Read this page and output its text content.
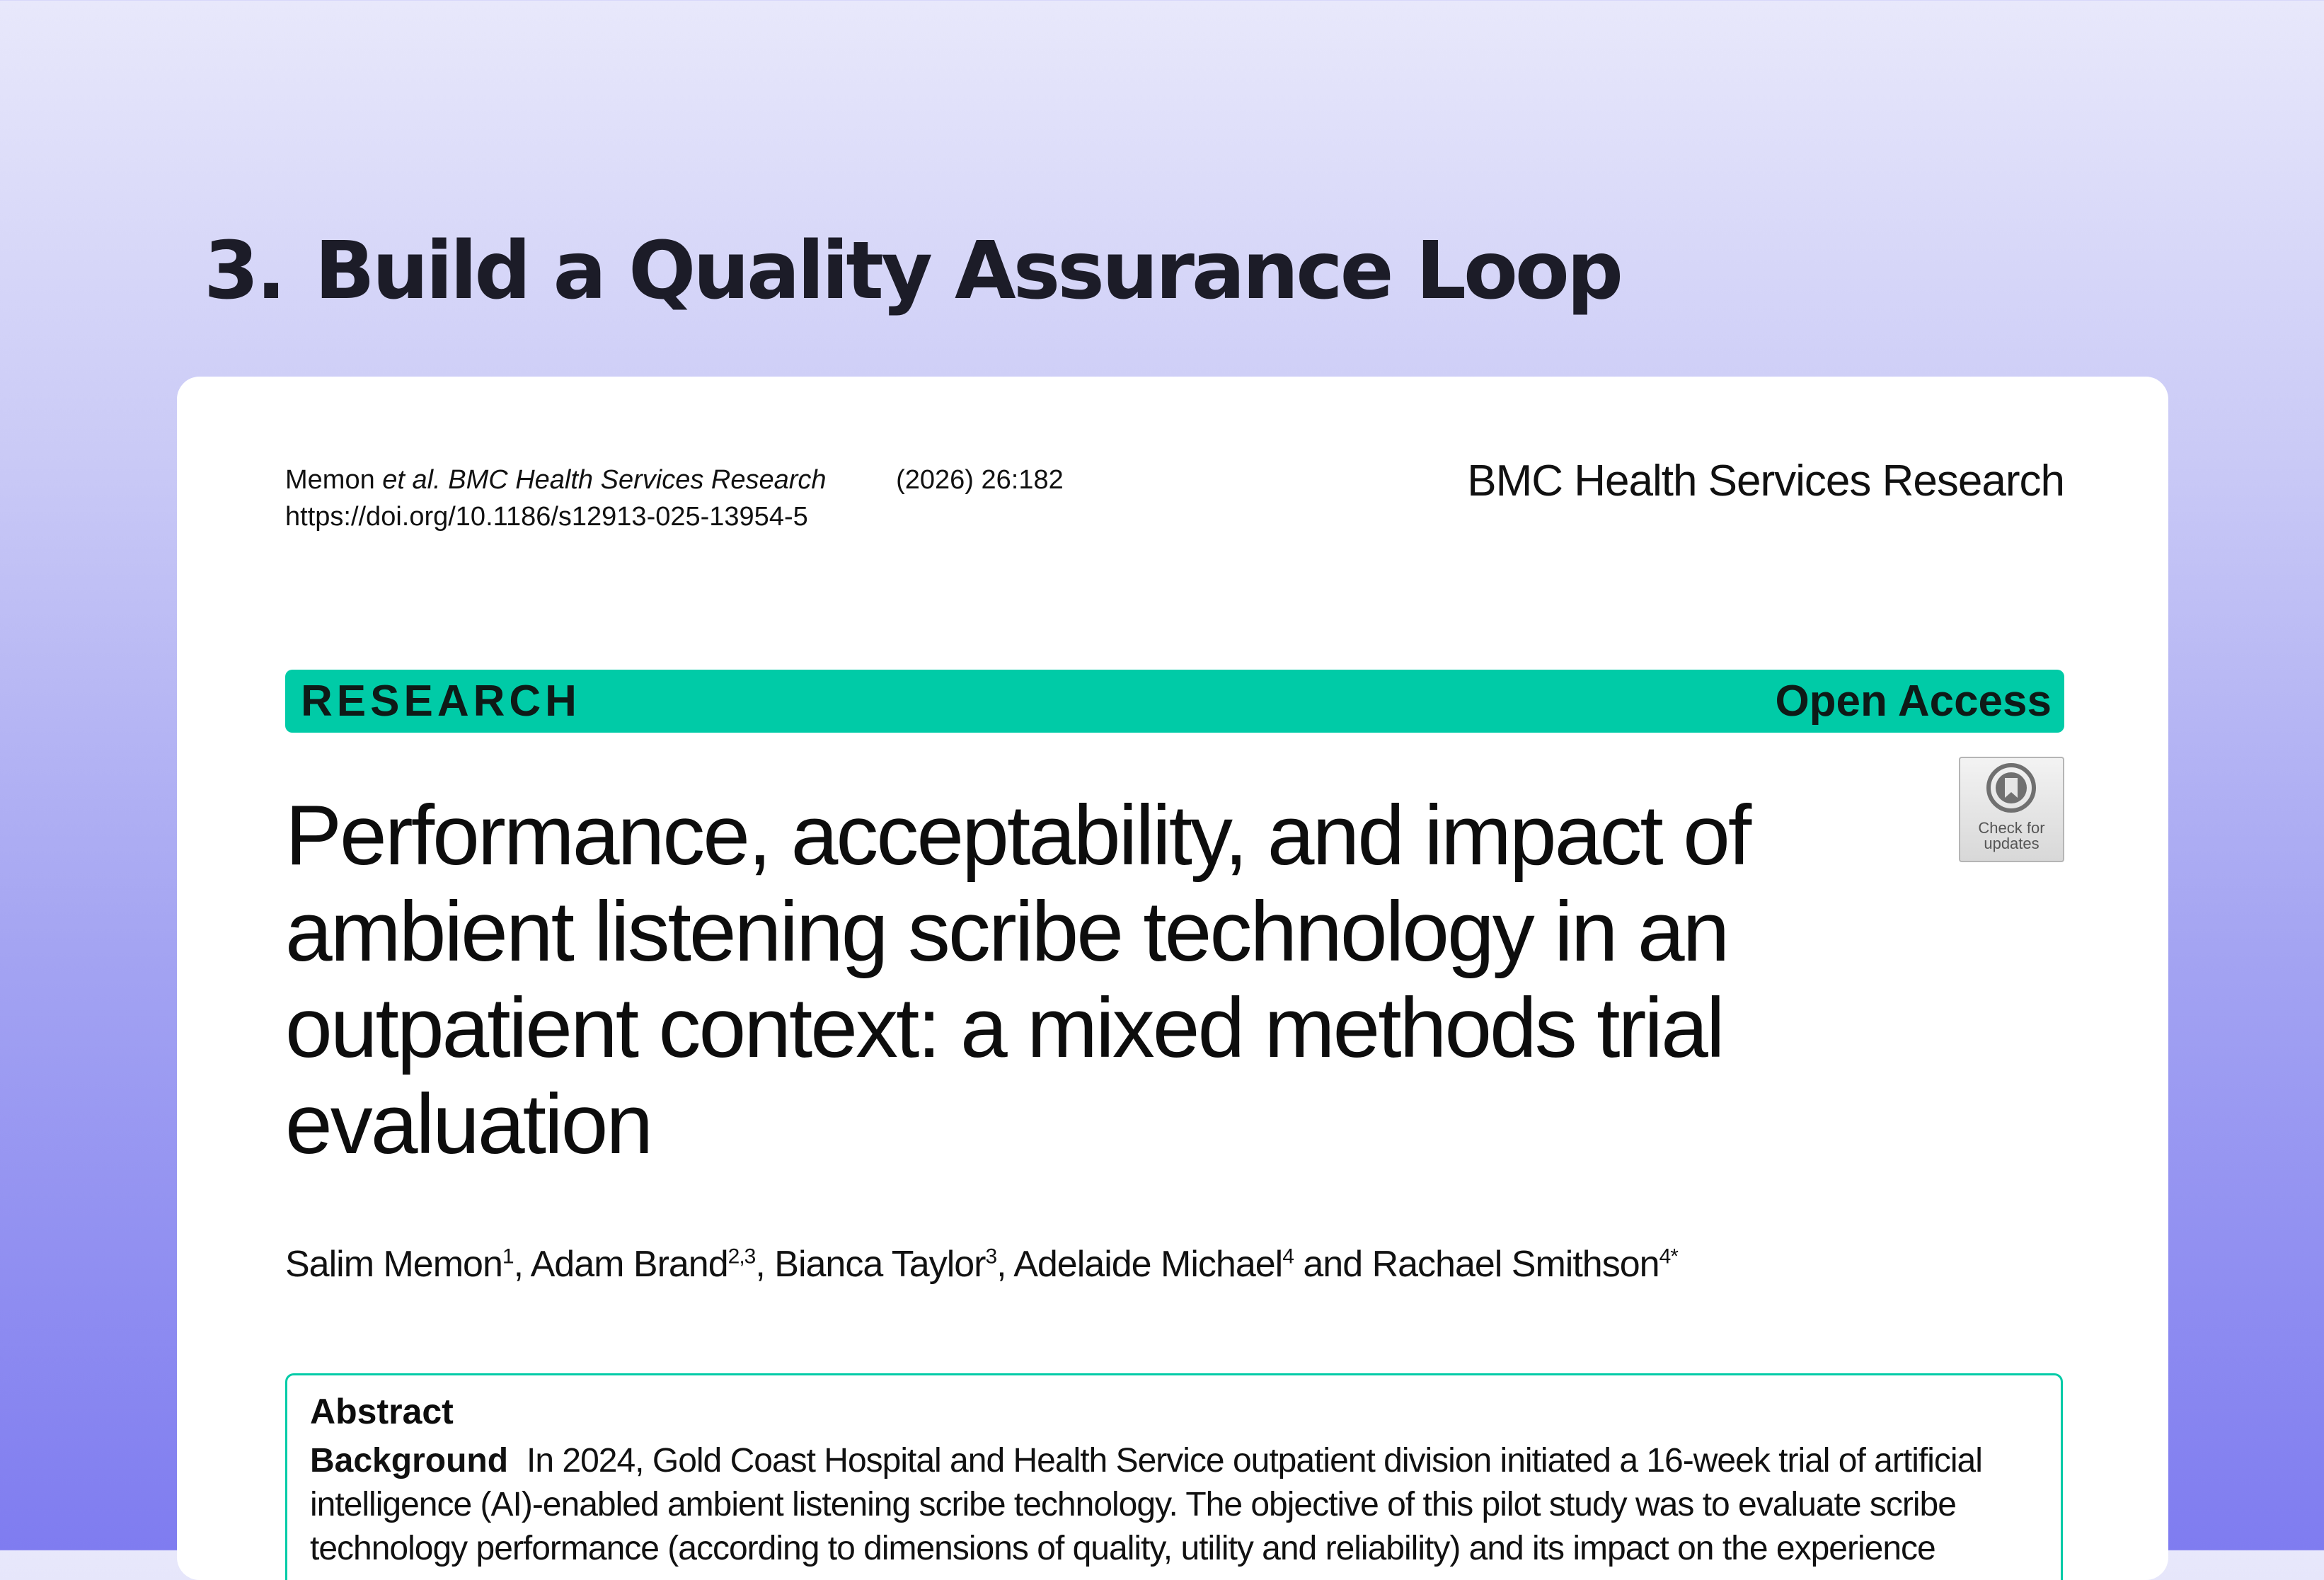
3. Build a Quality Assurance Loop
Memon et al. BMC Health Services Research	(2026) 26:182
https://doi.org/10.1186/s12913-025-13954-5
BMC Health Services Research
RESEARCH	Open Access
Check for
updates
Performance, acceptability, and impact of ambient listening scribe technology in an outpatient context: a mixed methods trial evaluation
Salim Memon$^1$, Adam Brand$^{2,3}$, Bianca Taylor$^3$, Adelaide Michael$^4$ and Rachael Smithson$^{4*}$
Abstract
Background In 2024, Gold Coast Hospital and Health Service outpatient division initiated a 16-week trial of artificial intelligence (AI)-enabled ambient listening scribe technology. The objective of this pilot study was to evaluate scribe technology performance (according to dimensions of quality, utility and reliability) and its impact on the experience
